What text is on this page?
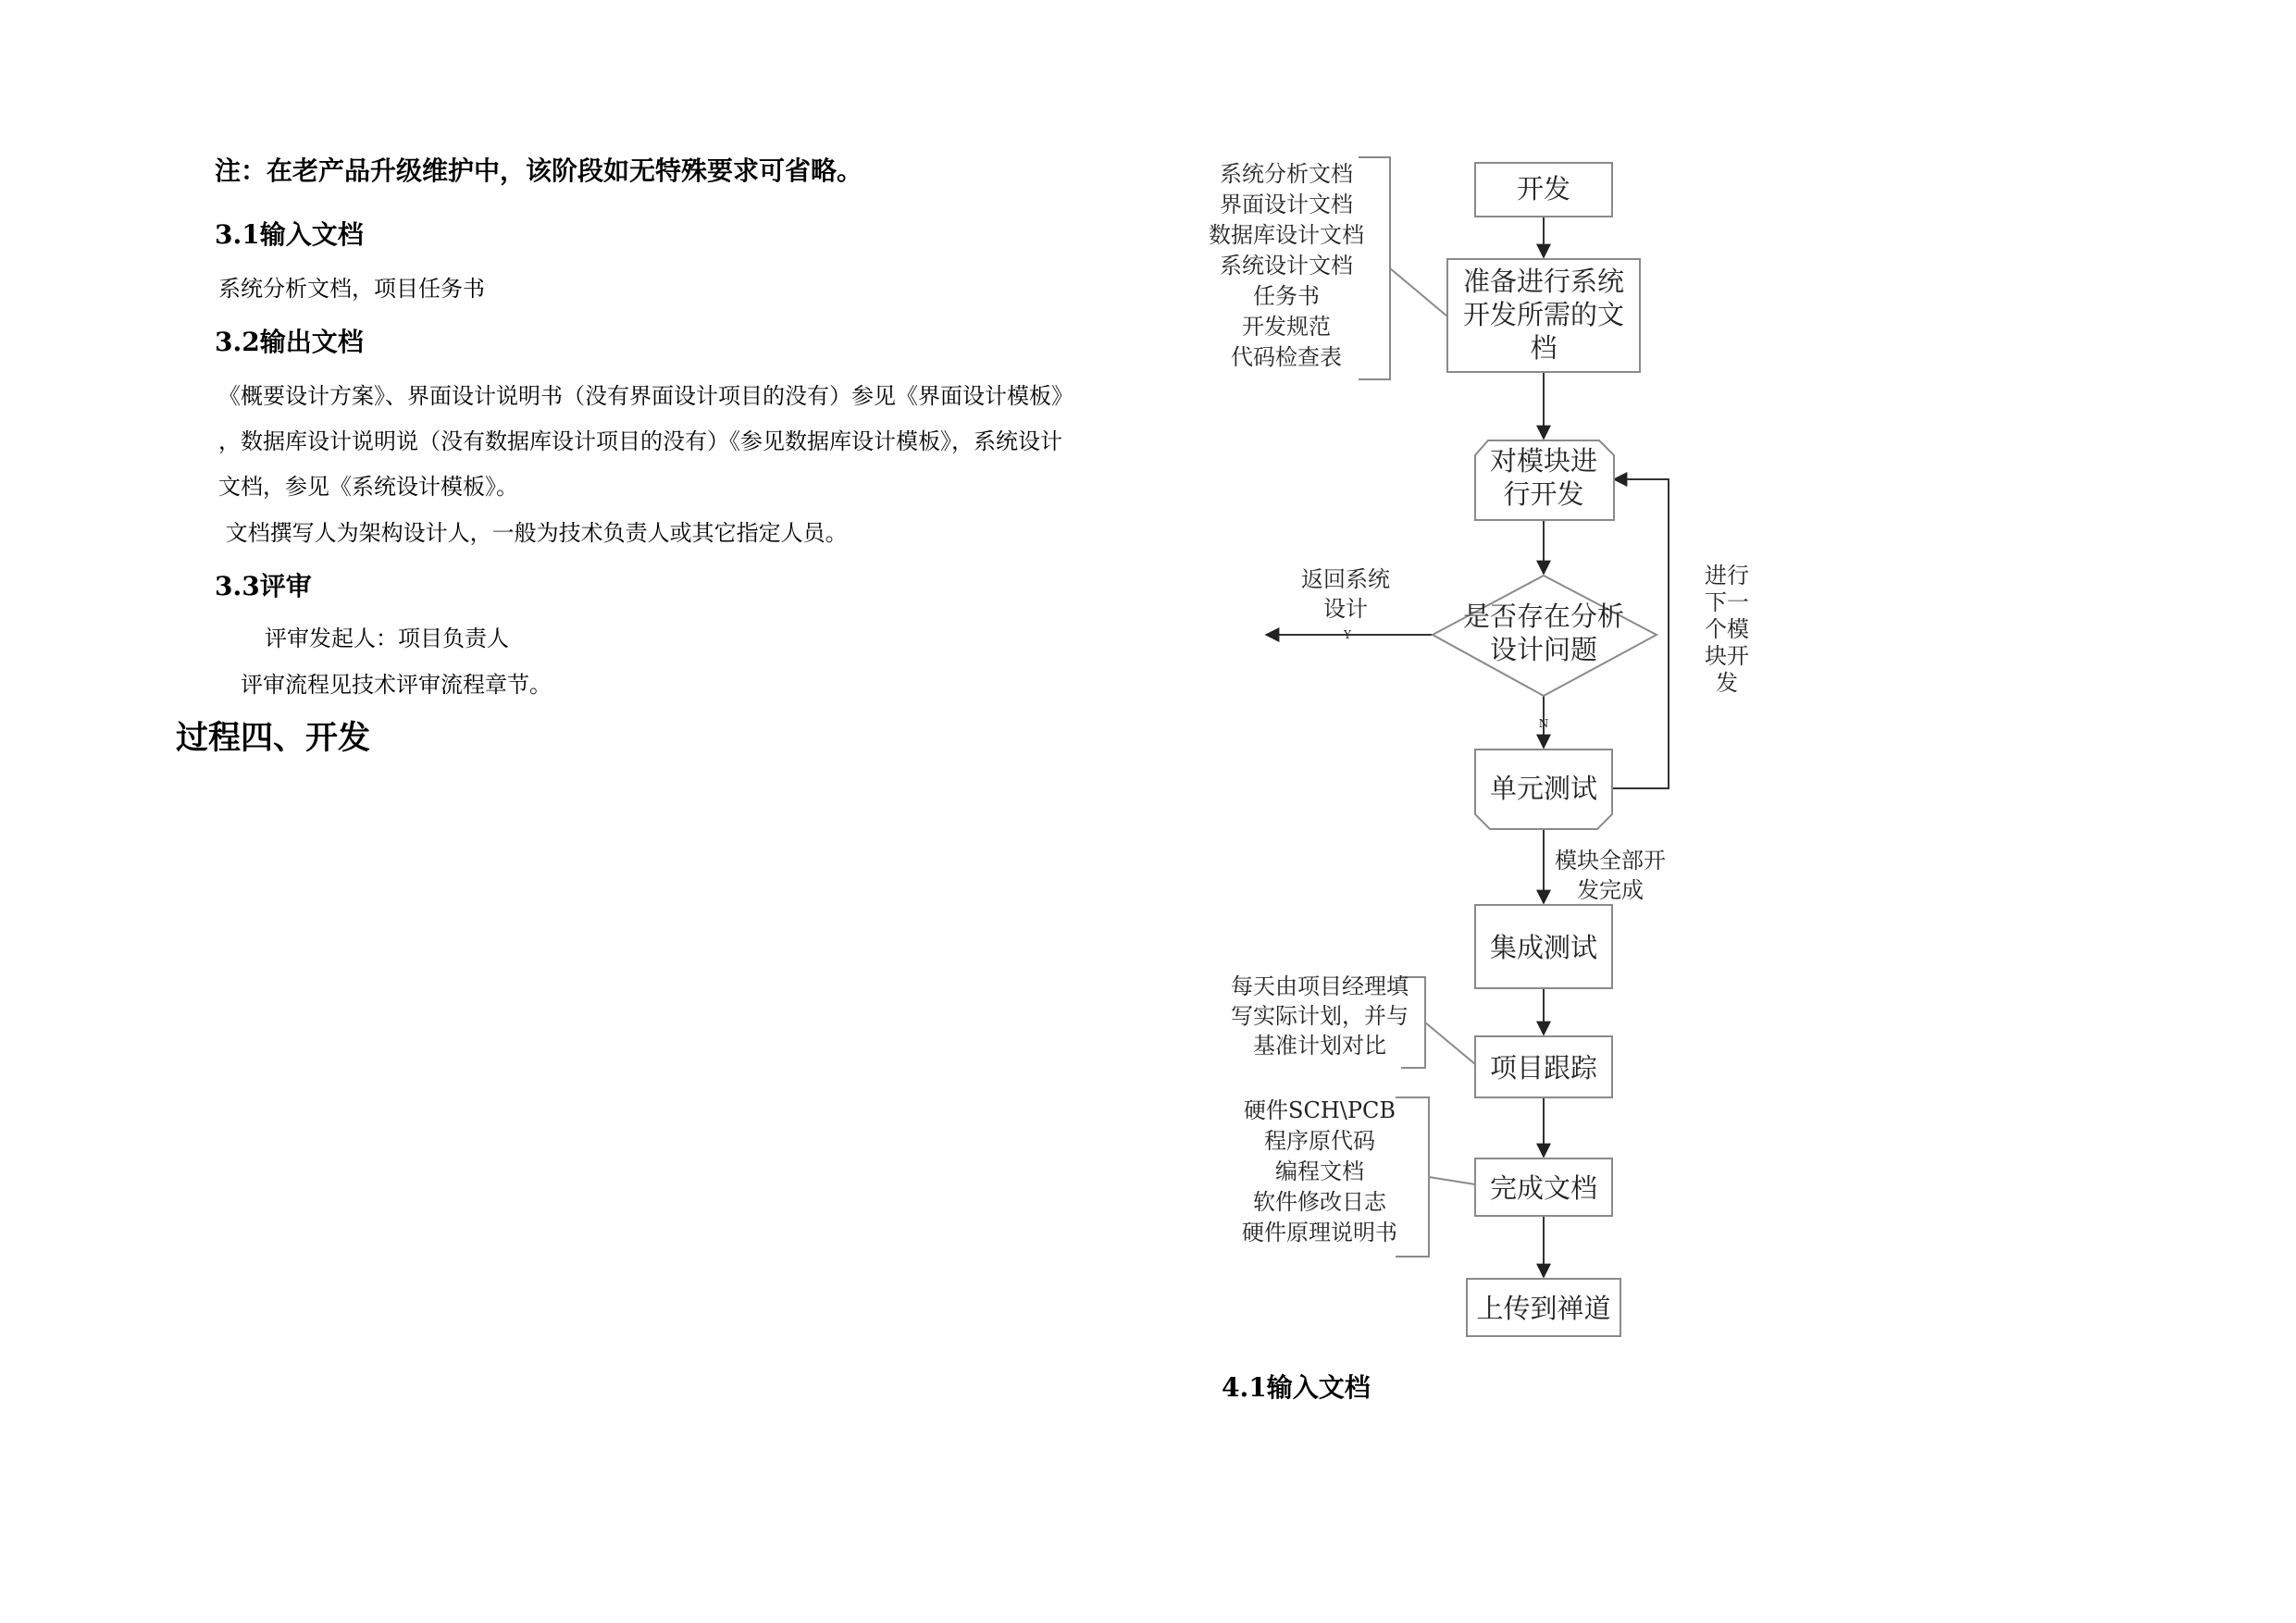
注：在老产品升级维护中，该阶段如无特殊要求可省略。
3.1输入文档
系统分析文档，项目任务书
3.2输出文档
《概要设计方案》、界面设计说明书（没有界面设计项目的没有）参见《界面设计模板》
，数据库设计说明说（没有数据库设计项目的没有）《参见数据库设计模板》，系统设计
文档，参见《系统设计模板》。
文档撰写人为架构设计人，一般为技术负责人或其它指定人员。
3.3评审
评审发起人：项目负责人
评审流程见技术评审流程章节。
过程四、开发
4.1输入文档
开发
准备进行系统
开发所需的文
档
对模块进
行开发
是否存在分析
设计问题
单元测试
集成测试
项目跟踪
完成文档
上传到禅道
系统分析文档
界面设计文档
数据库设计文档
系统设计文档
任务书
开发规范
代码检查表
返回系统
设计
Y
N
进行
下一
个模
块开
发
模块全部开
发完成
每天由项目经理填
写实际计划，并与
基准计划对比
硬件SCH\PCB
程序原代码
编程文档
软件修改日志
硬件原理说明书
